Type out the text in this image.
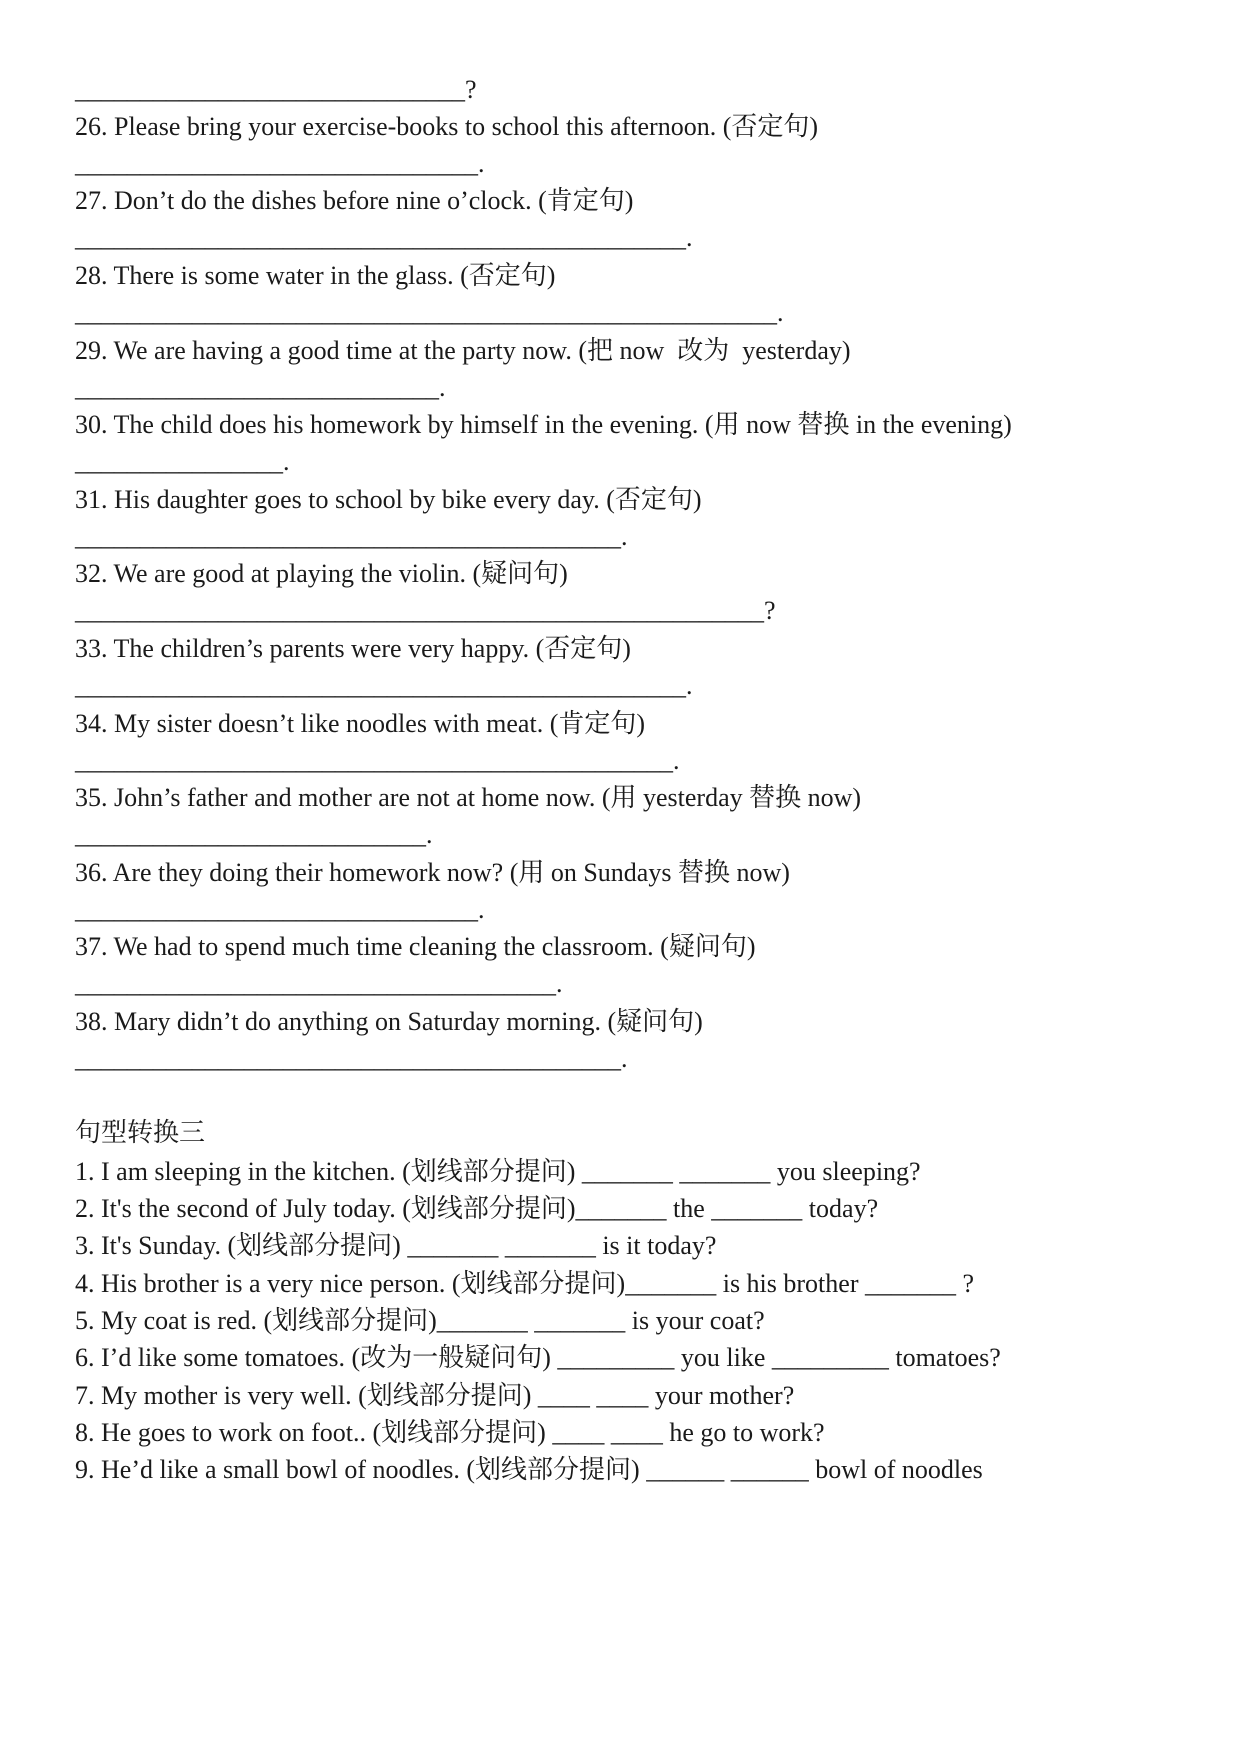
______________________________?
26. Please bring your exercise-books to school this afternoon. (否定句)
_______________________________.
27. Don’t do the dishes before nine o’clock. (肯定句)
_______________________________________________.
28. There is some water in the glass. (否定句)
______________________________________________________.
29. We are having a good time at the party now. (把 now  改为  yesterday)
____________________________.
30. The child does his homework by himself in the evening. (用 now 替换 in the evening)
________________.
31. His daughter goes to school by bike every day. (否定句)
__________________________________________.
32. We are good at playing the violin. (疑问句)
_____________________________________________________?
33. The children’s parents were very happy. (否定句)
_______________________________________________.
34. My sister doesn’t like noodles with meat. (肯定句)
______________________________________________.
35. John’s father and mother are not at home now. (用 yesterday 替换 now)
___________________________.
36. Are they doing their homework now? (用 on Sundays 替换 now)
_______________________________.
37. We had to spend much time cleaning the classroom. (疑问句)
_____________________________________.
38. Mary didn’t do anything on Saturday morning. (疑问句)
__________________________________________.
句型转换三
1. I am sleeping in the kitchen. (划线部分提问) _______ _______ you sleeping?
2. It's the second of July today. (划线部分提问)_______ the _______ today?
3. It's Sunday. (划线部分提问) _______ _______ is it today?
4. His brother is a very nice person. (划线部分提问)_______ is his brother _______ ?
5. My coat is red. (划线部分提问)_______ _______ is your coat?
6. I’d like some tomatoes. (改为一般疑问句) _________ you like _________ tomatoes?
7. My mother is very well. (划线部分提问) ____ ____ your mother?
8. He goes to work on foot.. (划线部分提问) ____ ____ he go to work?
9. He’d like a small bowl of noodles. (划线部分提问) ______ ______ bowl of noodles
